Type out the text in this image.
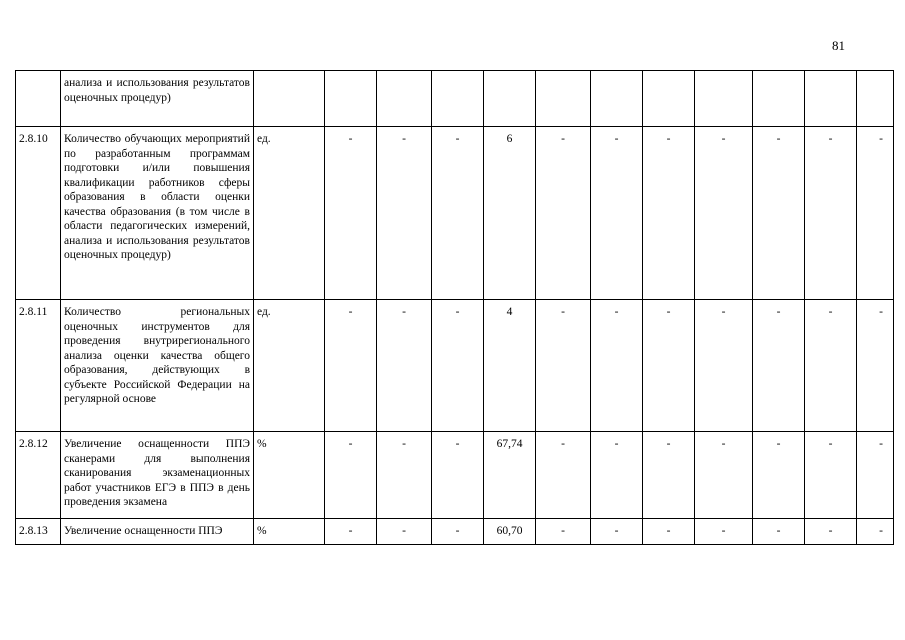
81
	анализа и использования результатов оценочных процедур)												
2.8.10	Количество обучающих мероприятий по разработанным программам подготовки и/или повышения квалификации работников сферы образования в области оценки качества образования (в том числе в области педагогических измерений, анализа и использования результатов оценочных процедур)	ед.	-	-	-	6	-	-	-	-	-	-	-
2.8.11	Количество региональных оценочных инструментов для проведения внутрирегионального анализа оценки качества общего образования, действующих в субъекте Российской Федерации на регулярной основе	ед.	-	-	-	4	-	-	-	-	-	-	-
2.8.12	Увеличение оснащенности ППЭ сканерами для выполнения сканирования экзаменационных работ участников ЕГЭ в ППЭ в день проведения экзамена	%	-	-	-	67,74	-	-	-	-	-	-	-
2.8.13	Увеличение оснащенности ППЭ	%	-	-	-	60,70	-	-	-	-	-	-	-
